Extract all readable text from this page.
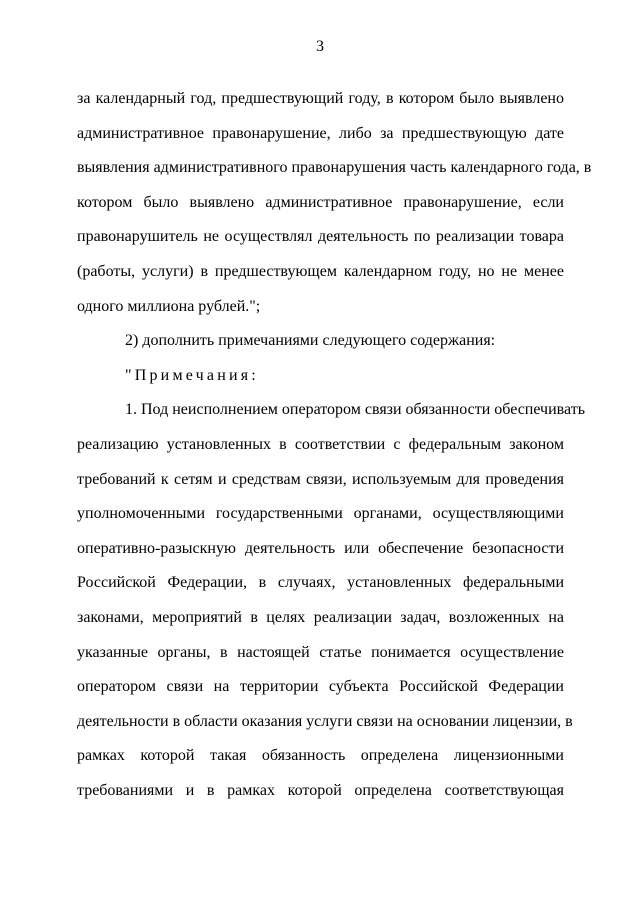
3
за календарный год, предшествующий году, в котором было выявлено
административное правонарушение, либо за предшествующую дате
выявления административного правонарушения часть календарного года, в
котором было выявлено административное правонарушение, если
правонарушитель не осуществлял деятельность по реализации товара
(работы, услуги) в предшествующем календарном году, но не менее
одного миллиона рублей.";
2) дополнить примечаниями следующего содержания:
"Примечания:
1. Под неисполнением оператором связи обязанности обеспечивать
реализацию установленных в соответствии с федеральным законом
требований к сетям и средствам связи, используемым для проведения
уполномоченными государственными органами, осуществляющими
оперативно-разыскную деятельность или обеспечение безопасности
Российской Федерации, в случаях, установленных федеральными
законами, мероприятий в целях реализации задач, возложенных на
указанные органы, в настоящей статье понимается осуществление
оператором связи на территории субъекта Российской Федерации
деятельности в области оказания услуги связи на основании лицензии, в
рамках которой такая обязанность определена лицензионными
требованиями и в рамках которой определена соответствующая
